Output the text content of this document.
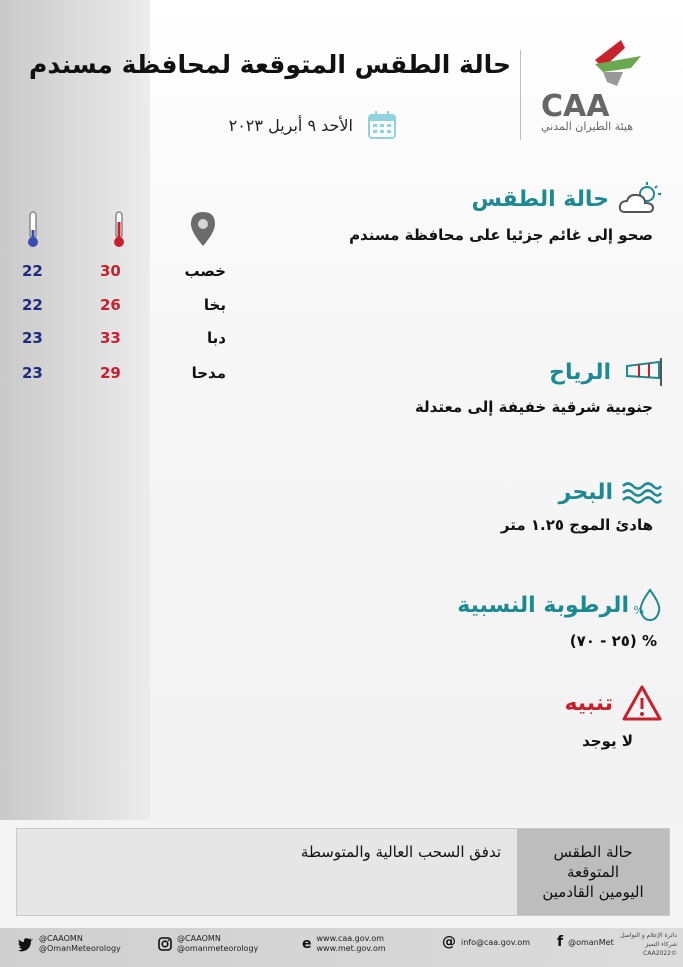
CAA
هيئة الطيران المدني
حالة الطقس المتوقعة لمحافظة مسندم
الأحد ٩ أبريل ٢٠٢٣
حالة الطقس
صحو إلى غائم جزئيا على محافظة مسندم
الرياح
جنوبية شرقية خفيفة إلى معتدلة
البحر
هادئ الموج ١.٢٥ متر
%
الرطوبة النسبية
% (٢٥ - ٧٠)
تنبيه
لا يوجد
خصب
30
22
بخا
26
22
دبا
33
23
مدحا
29
23
حالة الطقس
المتوقعة
اليومين القادمين
تدفق السحب العالية والمتوسطة
@CAAOMN
@OmanMeteorology
@CAAOMN
@omanmeteorology	e www.caa.gov.om
www.met.gov.om	@ info@caa.gov.om f @omanMet
دائرة الإعلام و التواصل
شركاء التميز
©CAA2022
